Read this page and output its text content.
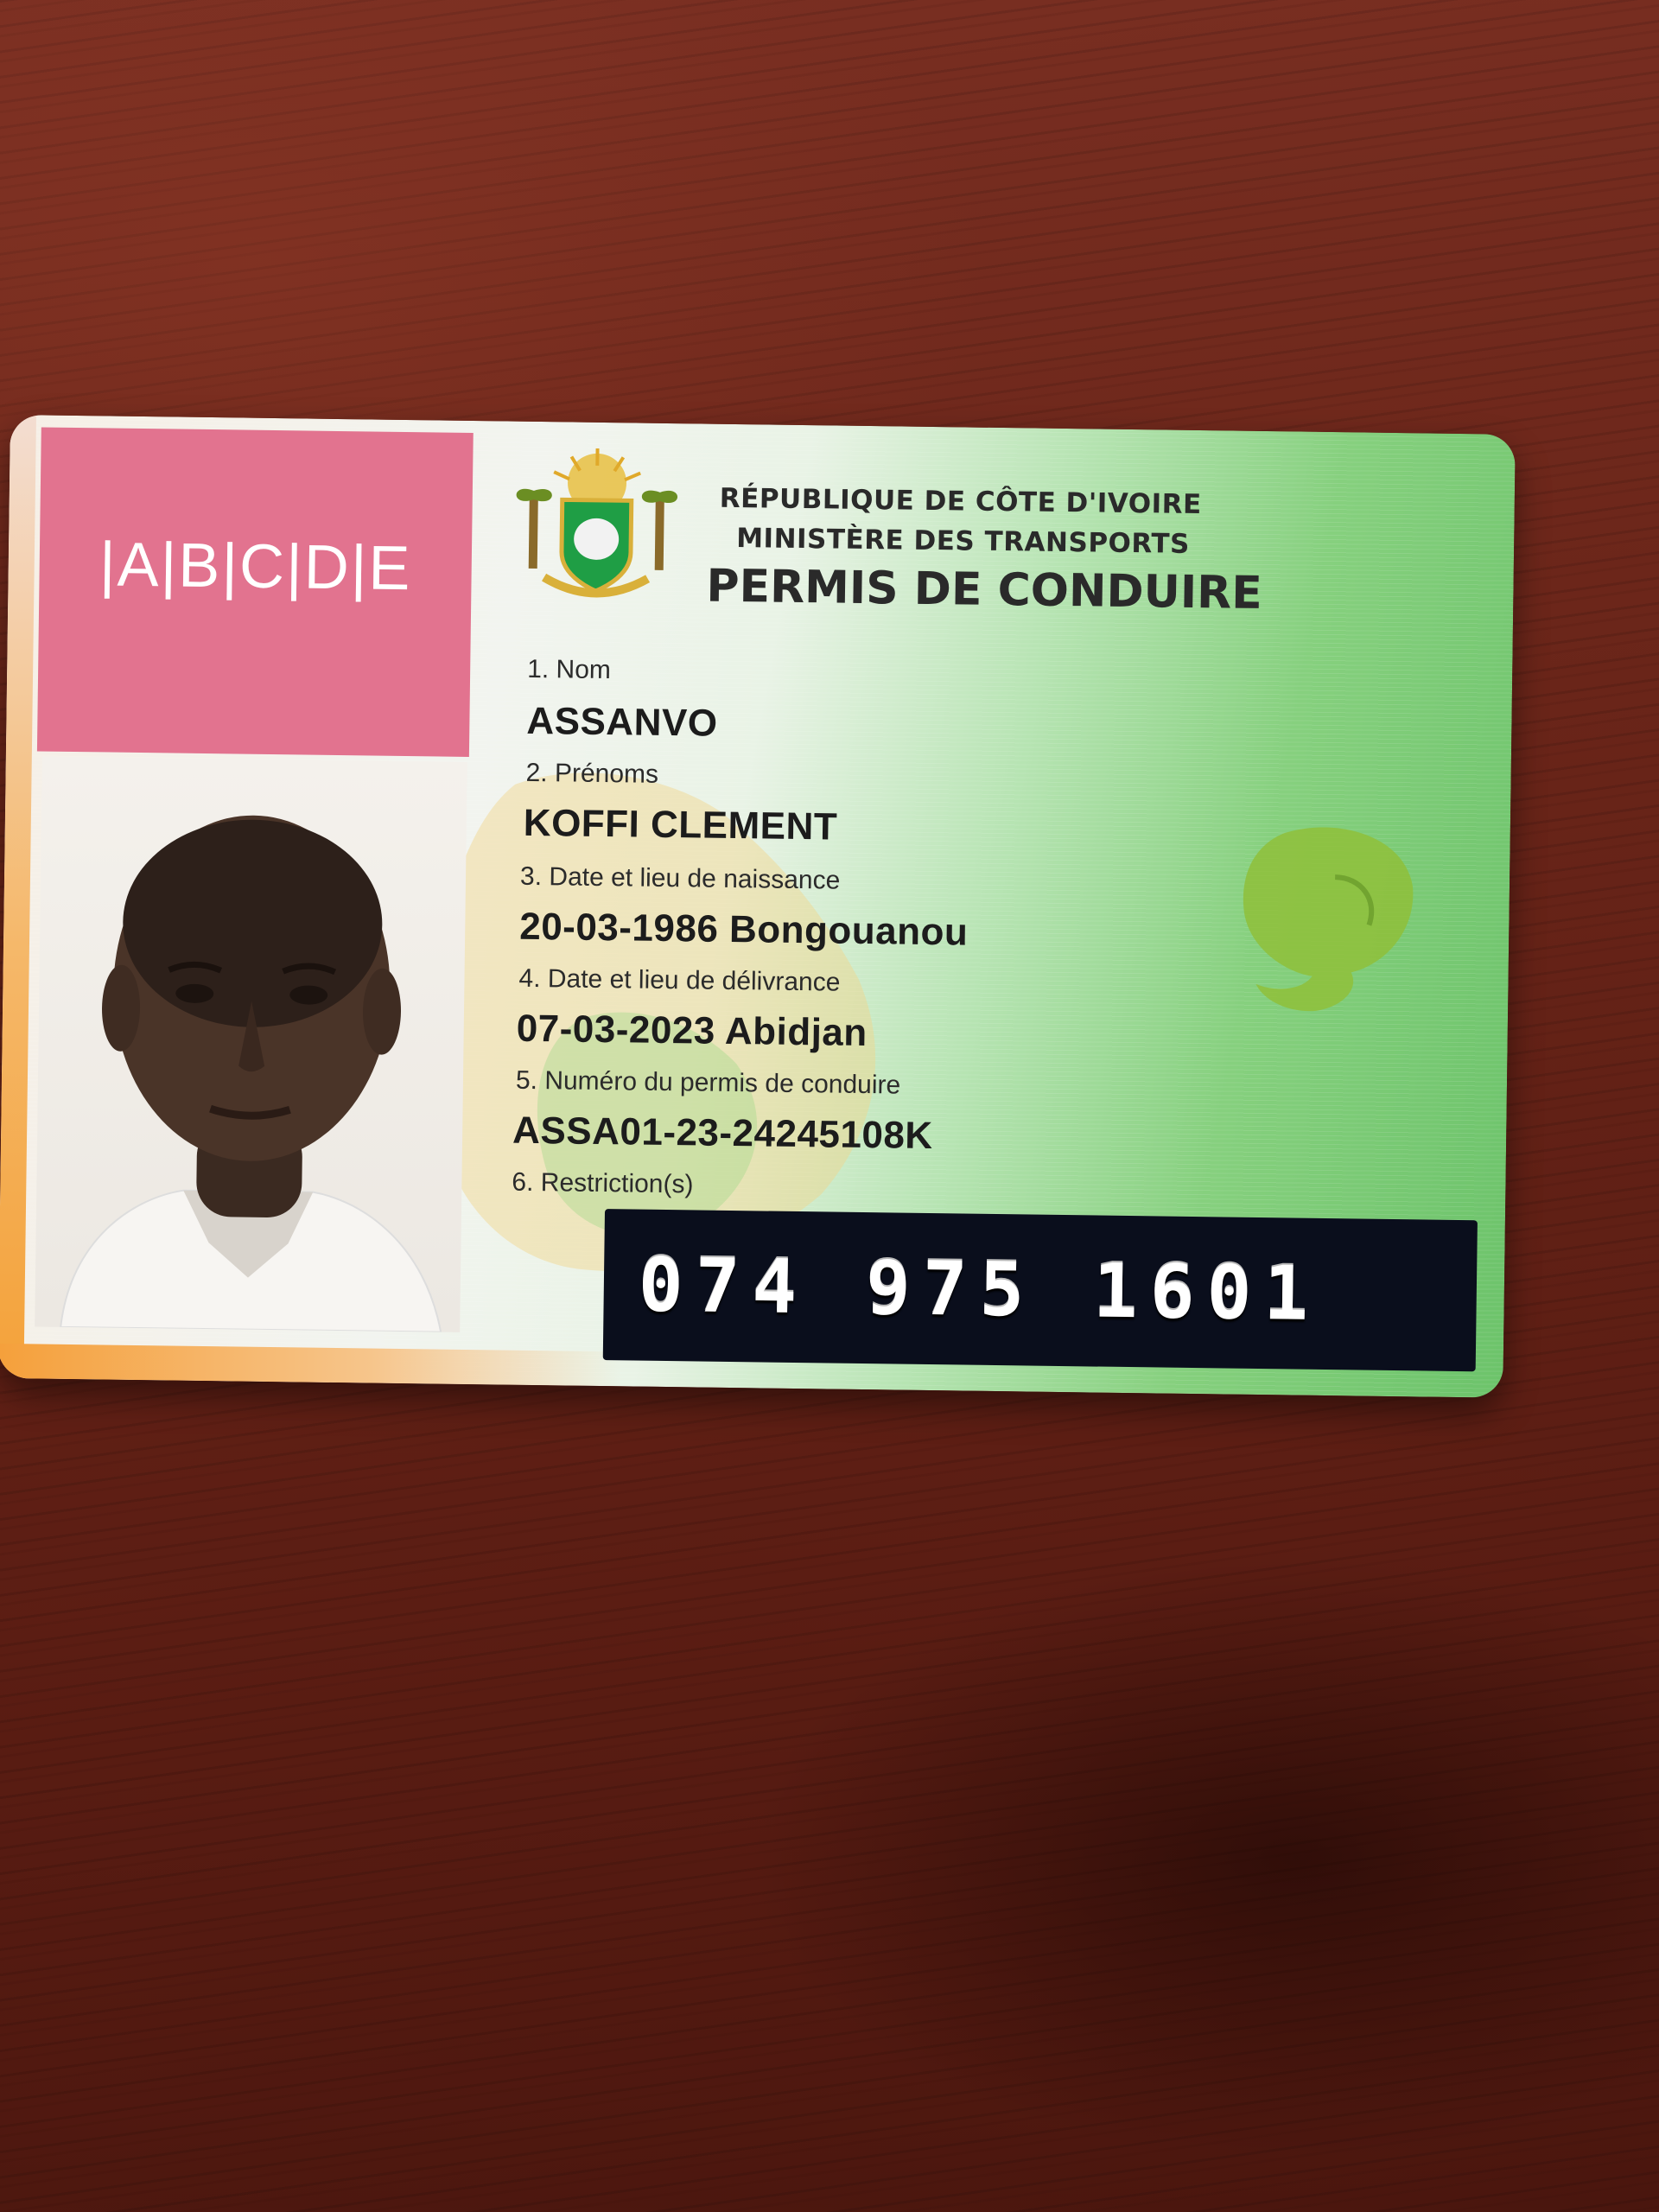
|A|B|C|D|E
RÉPUBLIQUE DE CÔTE D'IVOIRE
MINISTÈRE DES TRANSPORTS
PERMIS DE CONDUIRE
1. Nom
ASSANVO
2. Prénoms
KOFFI CLEMENT
3. Date et lieu de naissance
20-03-1986 Bongouanou
4. Date et lieu de délivrance
07-03-2023 Abidjan
5. Numéro du permis de conduire
ASSA01-23-24245108K
6. Restriction(s)
074 975 1601
